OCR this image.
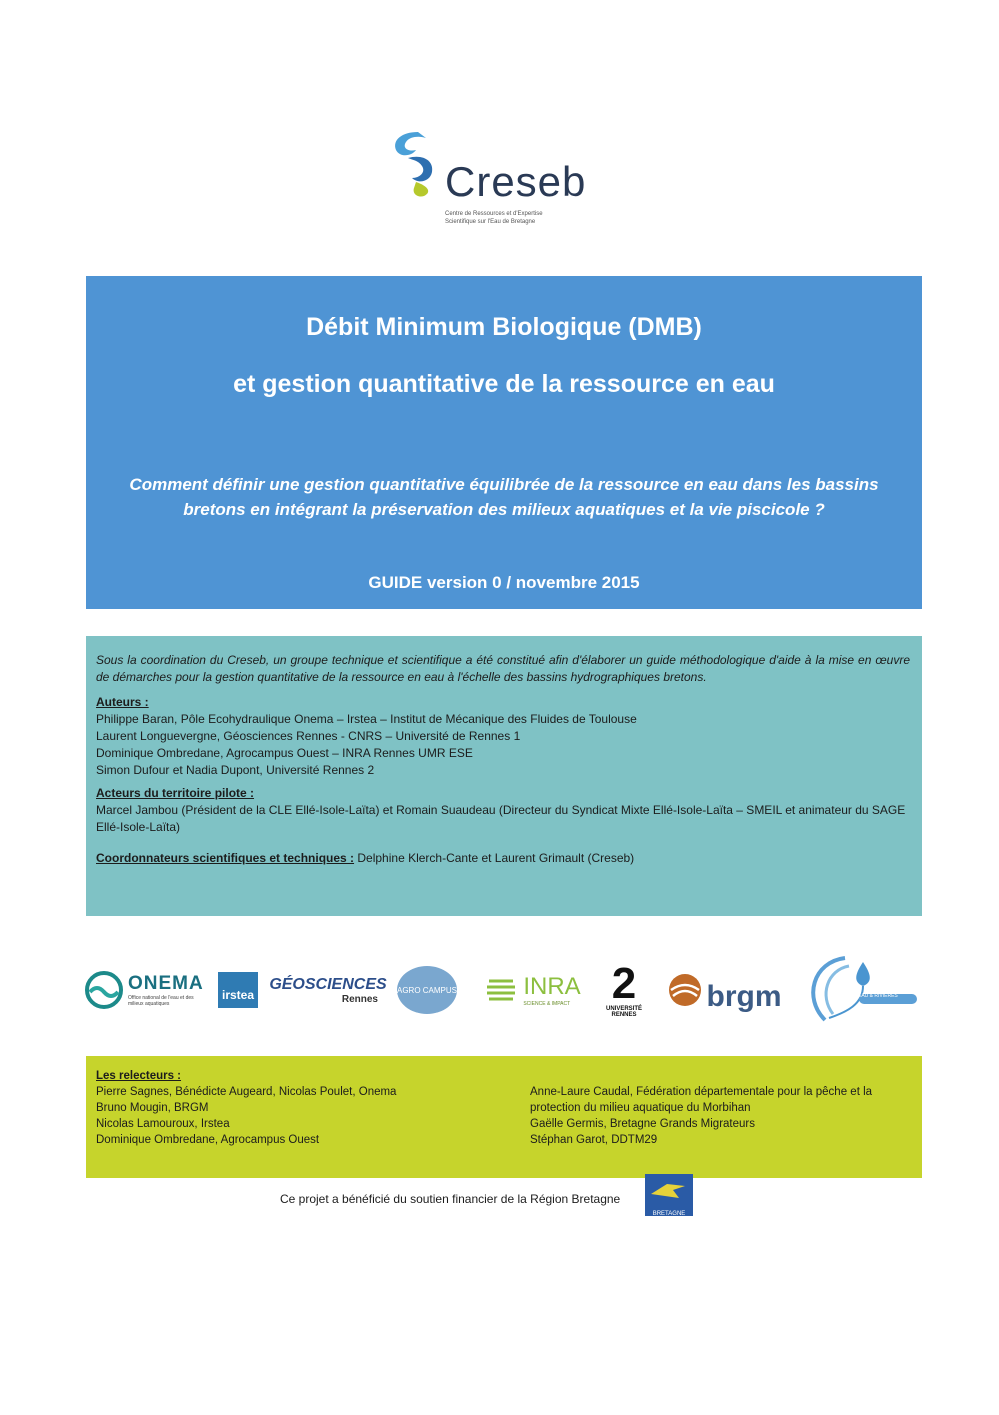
Creseb
Centre de Ressources et d'Expertise Scientifique sur l'Eau de Bretagne
Débit Minimum Biologique (DMB)
et gestion quantitative de la ressource en eau
Comment définir une gestion quantitative équilibrée de la ressource en eau dans les bassins bretons en intégrant la préservation des milieux aquatiques et la vie piscicole ?
GUIDE version 0 / novembre 2015

Sous la coordination du Creseb, un groupe technique et scientifique a été constitué afin d'élaborer un guide méthodologique d'aide à la mise en œuvre de démarches pour la gestion quantitative de la ressource en eau à l'échelle des bassins hydrographiques bretons.

Auteurs :
Philippe Baran, Pôle Ecohydraulique Onema – Irstea – Institut de Mécanique des Fluides de Toulouse
Laurent Longuevergne, Géosciences Rennes - CNRS – Université de Rennes 1
Dominique Ombredane, Agrocampus Ouest – INRA Rennes UMR ESE
Simon Dufour et Nadia Dupont, Université Rennes 2
Acteurs du territoire pilote :

Marcel Jambou (Président de la CLE Ellé-Isole-Laïta) et Romain Suaudeau (Directeur du Syndicat Mixte Ellé-Isole-Laïta – SMEIL et animateur du SAGE Ellé-Isole-Laïta)

Coordonnateurs scientifiques et techniques : Delphine Klerch-Cante et Laurent Grimault (Creseb)
ONEMA
Office national de l'eau et des milieux aquatiques
irstea
GÉOSCIENCES
Rennes
AGRO CAMPUS	INRA
SCIENCE & IMPACT 2
UNIVERSITÉ RENNES
brgm	EAU & RIVIÈRES
Les relecteurs :
Pierre Sagnes, Bénédicte Augeard, Nicolas Poulet, Onema
Bruno Mougin, BRGM
Nicolas Lamouroux, Irstea
Dominique Ombredane, Agrocampus Ouest
Anne-Laure Caudal, Fédération départementale pour la pêche et la protection du milieu aquatique du Morbihan
Gaëlle Germis, Bretagne Grands Migrateurs
Stéphan Garot, DDTM29
Ce projet a bénéficié du soutien financier de la Région Bretagne
BRETAGNE
